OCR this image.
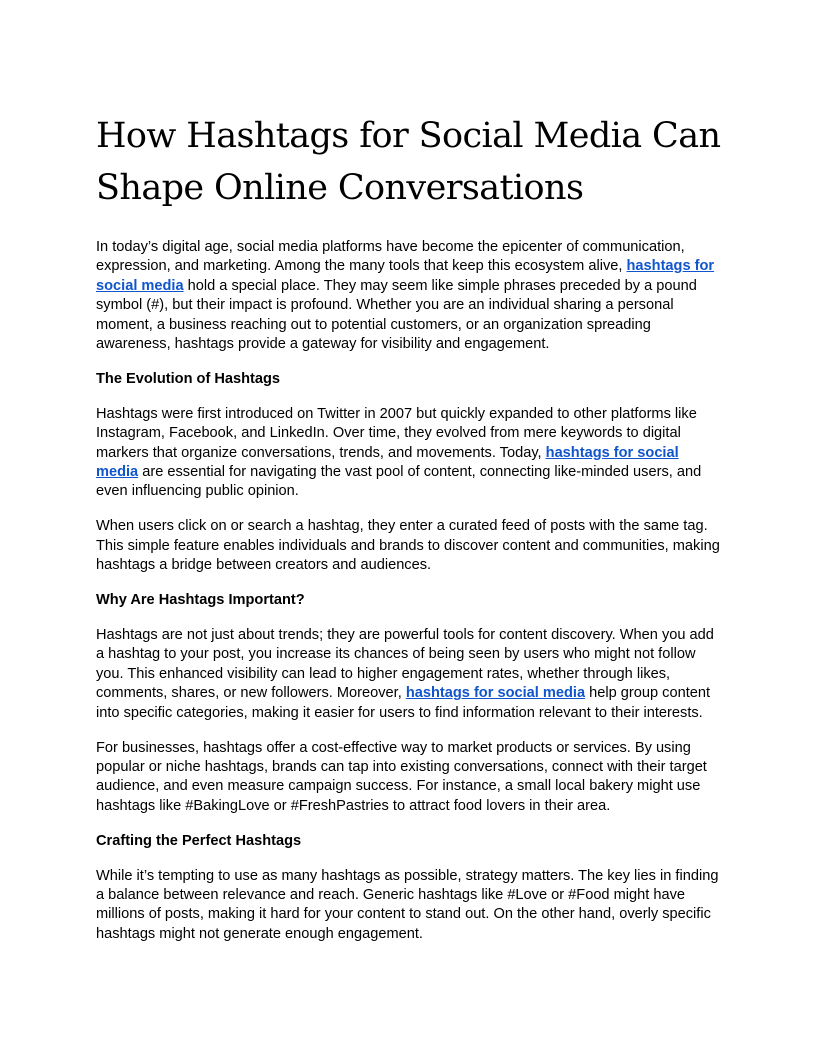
How Hashtags for Social Media Can Shape Online Conversations

In today’s digital age, social media platforms have become the epicenter of communication, expression, and marketing. Among the many tools that keep this ecosystem alive, hashtags for social media hold a special place. They may seem like simple phrases preceded by a pound symbol (#), but their impact is profound. Whether you are an individual sharing a personal moment, a business reaching out to potential customers, or an organization spreading awareness, hashtags provide a gateway for visibility and engagement.

The Evolution of Hashtags

Hashtags were first introduced on Twitter in 2007 but quickly expanded to other platforms like Instagram, Facebook, and LinkedIn. Over time, they evolved from mere keywords to digital markers that organize conversations, trends, and movements. Today, hashtags for social media are essential for navigating the vast pool of content, connecting like-minded users, and even influencing public opinion.

When users click on or search a hashtag, they enter a curated feed of posts with the same tag. This simple feature enables individuals and brands to discover content and communities, making hashtags a bridge between creators and audiences.

Why Are Hashtags Important?

Hashtags are not just about trends; they are powerful tools for content discovery. When you add a hashtag to your post, you increase its chances of being seen by users who might not follow you. This enhanced visibility can lead to higher engagement rates, whether through likes, comments, shares, or new followers. Moreover, hashtags for social media help group content into specific categories, making it easier for users to find information relevant to their interests.

For businesses, hashtags offer a cost-effective way to market products or services. By using popular or niche hashtags, brands can tap into existing conversations, connect with their target audience, and even measure campaign success. For instance, a small local bakery might use hashtags like #BakingLove or #FreshPastries to attract food lovers in their area.

Crafting the Perfect Hashtags

While it’s tempting to use as many hashtags as possible, strategy matters. The key lies in finding a balance between relevance and reach. Generic hashtags like #Love or #Food might have millions of posts, making it hard for your content to stand out. On the other hand, overly specific hashtags might not generate enough engagement.
